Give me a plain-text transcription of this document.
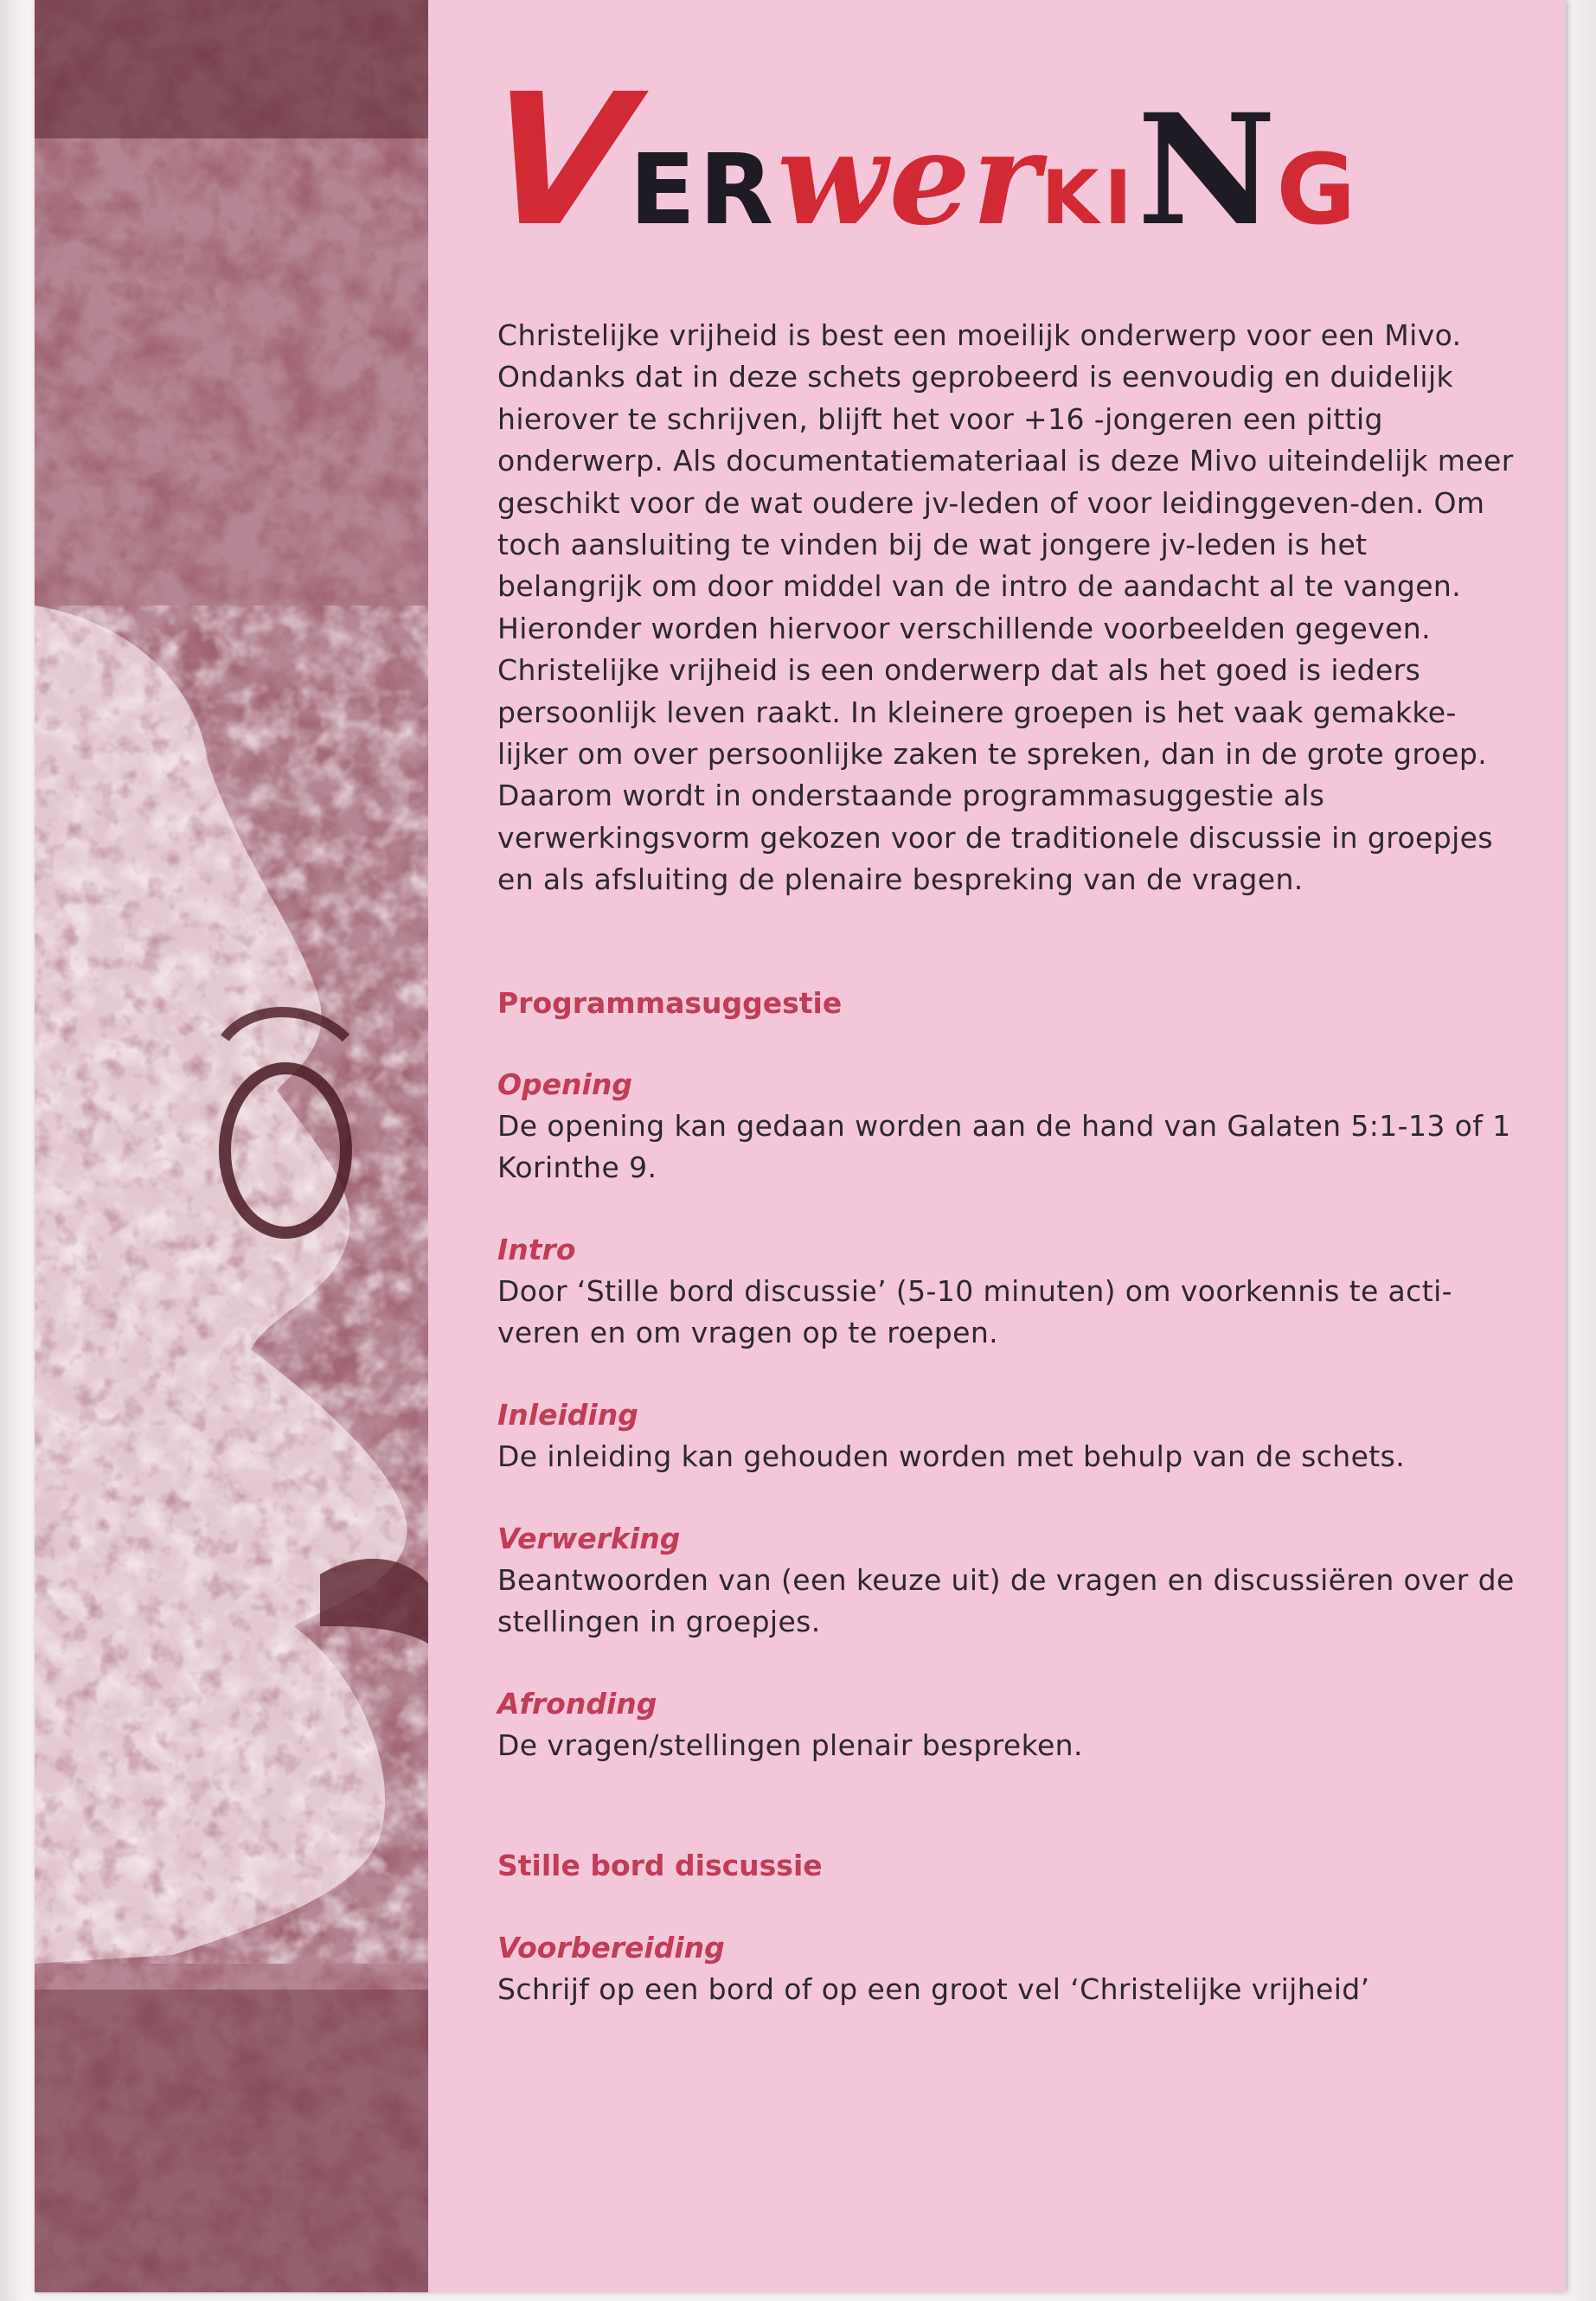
VERwerKING

Christelijke vrijheid is best een moeilijk onderwerp voor een Mivo. Ondanks dat in deze schets geprobeerd is eenvoudig en duidelijk hierover te schrijven, blijft het voor +16 -jongeren een pittig onderwerp. Als documentatiemateriaal is deze Mivo uiteindelijk meer geschikt voor de wat oudere jv-leden of voor leidinggeven-den. Om toch aansluiting te vinden bij de wat jongere jv-leden is het belangrijk om door middel van de intro de aandacht al te vangen. Hieronder worden hiervoor verschillende voorbeelden gegeven. Christelijke vrijheid is een onderwerp dat als het goed is ieders persoonlijk leven raakt. In kleinere groepen is het vaak gemakke-lijker om over persoonlijke zaken te spreken, dan in de grote groep. Daarom wordt in onderstaande programmasuggestie als verwerkingsvorm gekozen voor de traditionele discussie in groepjes en als afsluiting de plenaire bespreking van de vragen.

Programmasuggestie
Opening
De opening kan gedaan worden aan de hand van Galaten 5:1-13 of 1 Korinthe 9.
Intro
Door ‘Stille bord discussie’ (5-10 minuten) om voorkennis te acti-veren en om vragen op te roepen.
Inleiding
De inleiding kan gehouden worden met behulp van de schets.
Verwerking
Beantwoorden van (een keuze uit) de vragen en discussiëren over de stellingen in groepjes.
Afronding
De vragen/stellingen plenair bespreken.
Stille bord discussie
Voorbereiding
Schrijf op een bord of op een groot vel ‘Christelijke vrijheid’
